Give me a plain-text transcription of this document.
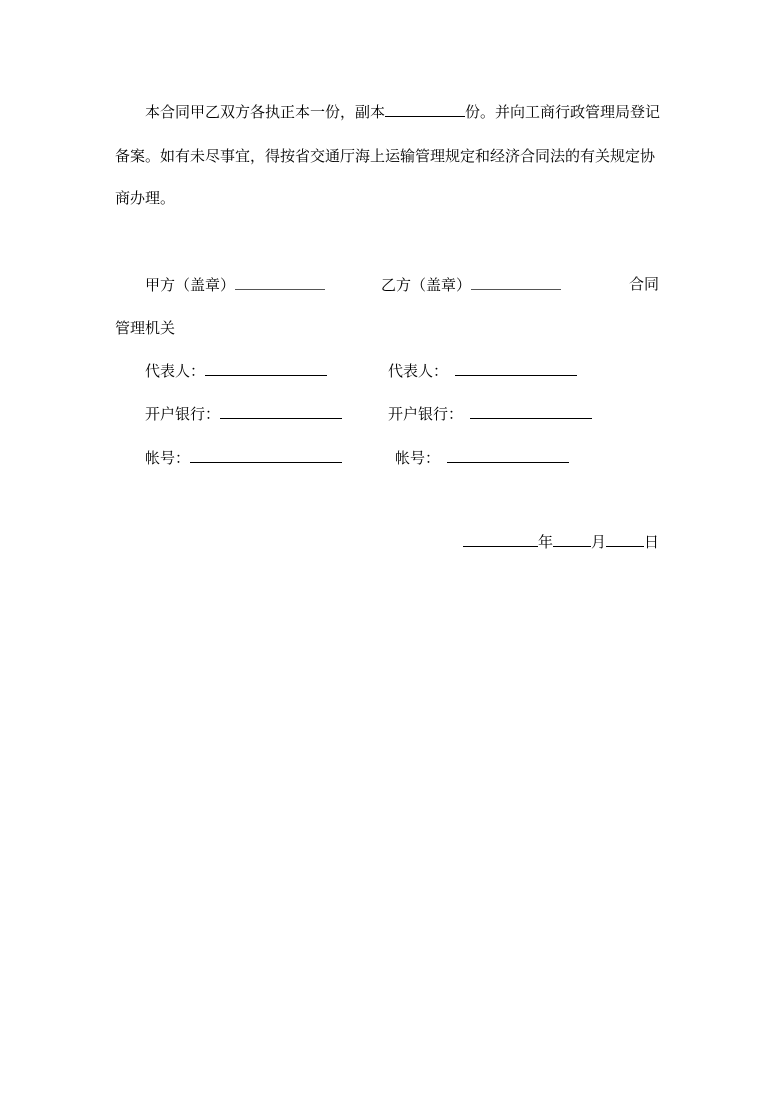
本合同甲乙双方各执正本一份，副本	份。并向工商行政管理局登记
备案。如有未尽事宜，得按省交通厅海上运输管理规定和经济合同法的有关规定协
商办理。
甲方（盖章）	乙方（盖章）	合同
管理机关
代表人：	代表人：
开户银行：	开户银行：
帐号：	帐号：
年	月	日
